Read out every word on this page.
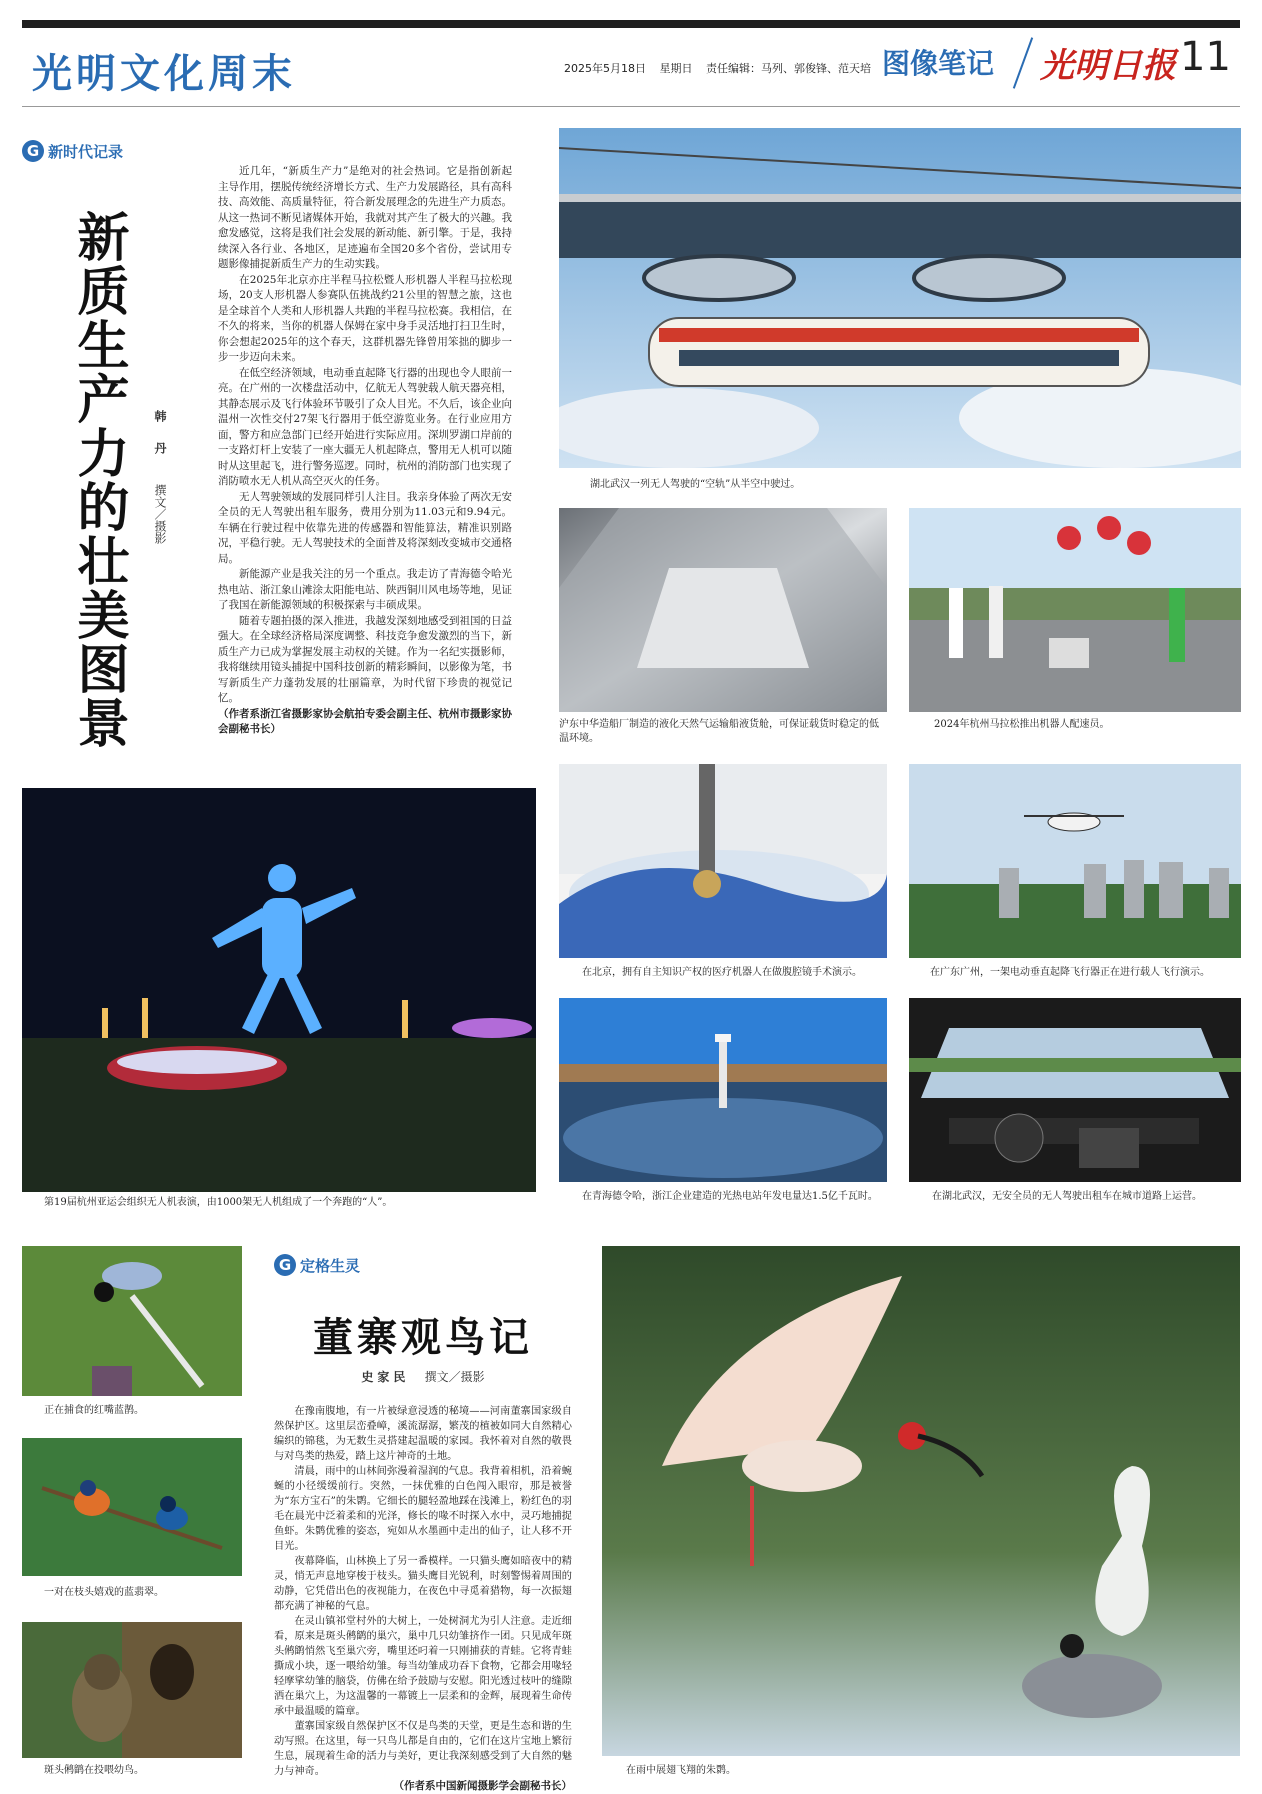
光明文化周末	2025年5月18日 星期日 责任编辑：马列、郭俊锋、范天培 图像笔记 光明日报 11
G 新时代记录
新质生产力的壮美图景 韩 丹  撰文／摄影

近几年，“新质生产力”是绝对的社会热词。它是指创新起主导作用，摆脱传统经济增长方式、生产力发展路径，具有高科技、高效能、高质量特征，符合新发展理念的先进生产力质态。从这一热词不断见诸媒体开始，我就对其产生了极大的兴趣。我愈发感觉，这将是我们社会发展的新动能、新引擎。于是，我持续深入各行业、各地区，足迹遍布全国20多个省份，尝试用专题影像捕捉新质生产力的生动实践。

在2025年北京亦庄半程马拉松暨人形机器人半程马拉松现场，20支人形机器人参赛队伍挑战约21公里的智慧之旅，这也是全球首个人类和人形机器人共跑的半程马拉松赛。我相信，在不久的将来，当你的机器人保姆在家中身手灵活地打扫卫生时，你会想起2025年的这个春天，这群机器先锋曾用笨拙的脚步一步一步迈向未来。

在低空经济领域，电动垂直起降飞行器的出现也令人眼前一亮。在广州的一次楼盘活动中，亿航无人驾驶载人航天器亮相，其静态展示及飞行体验环节吸引了众人目光。不久后，该企业向温州一次性交付27架飞行器用于低空游览业务。在行业应用方面，警方和应急部门已经开始进行实际应用。深圳罗湖口岸前的一支路灯杆上安装了一座大疆无人机起降点，警用无人机可以随时从这里起飞，进行警务巡逻。同时，杭州的消防部门也实现了消防喷水无人机从高空灭火的任务。

无人驾驶领域的发展同样引人注目。我亲身体验了两次无安全员的无人驾驶出租车服务，费用分别为11.03元和9.94元。车辆在行驶过程中依靠先进的传感器和智能算法，精准识别路况，平稳行驶。无人驾驶技术的全面普及将深刻改变城市交通格局。

新能源产业是我关注的另一个重点。我走访了青海德令哈光热电站、浙江象山滩涂太阳能电站、陕西铜川风电场等地，见证了我国在新能源领域的积极探索与丰硕成果。

随着专题拍摄的深入推进，我越发深刻地感受到祖国的日益强大。在全球经济格局深度调整、科技竞争愈发激烈的当下，新质生产力已成为掌握发展主动权的关键。作为一名纪实摄影师，我将继续用镜头捕捉中国科技创新的精彩瞬间，以影像为笔，书写新质生产力蓬勃发展的壮丽篇章，为时代留下珍贵的视觉记忆。

（作者系浙江省摄影家协会航拍专委会副主任、杭州市摄影家协会副秘书长）
湖北武汉一列无人驾驶的“空轨”从半空中驶过。
沪东中华造船厂制造的液化天然气运输船液货舱，可保证载货时稳定的低温环境。
2024年杭州马拉松推出机器人配速员。
第19届杭州亚运会组织无人机表演，由1000架无人机组成了一个奔跑的“人”。
在北京，拥有自主知识产权的医疗机器人在做腹腔镜手术演示。	在广东广州，一架电动垂直起降飞行器正在进行载人飞行演示。
在青海德令哈，浙江企业建造的光热电站年发电量达1.5亿千瓦时。	在湖北武汉，无安全员的无人驾驶出租车在城市道路上运营。
正在捕食的红嘴蓝鹊。
一对在枝头嬉戏的蓝翡翠。
斑头鸺鹠在投喂幼鸟。
G 定格生灵
董寨观鸟记
史家民 撰文／摄影

在豫南腹地，有一片被绿意浸透的秘境——河南董寨国家级自然保护区。这里层峦叠嶂，溪流潺潺，繁茂的植被如同大自然精心编织的锦毯，为无数生灵搭建起温暖的家园。我怀着对自然的敬畏与对鸟类的热爱，踏上这片神奇的土地。

清晨，雨中的山林间弥漫着湿润的气息。我背着相机，沿着蜿蜒的小径缓缓前行。突然，一抹优雅的白色闯入眼帘，那是被誉为“东方宝石”的朱鹮。它细长的腿轻盈地踩在浅滩上，粉红色的羽毛在晨光中泛着柔和的光泽，修长的喙不时探入水中，灵巧地捕捉鱼虾。朱鹮优雅的姿态，宛如从水墨画中走出的仙子，让人移不开目光。

夜幕降临，山林换上了另一番模样。一只猫头鹰如暗夜中的精灵，悄无声息地穿梭于枝头。猫头鹰目光锐利，时刻警惕着周围的动静，它凭借出色的夜视能力，在夜色中寻觅着猎物，每一次振翅都充满了神秘的气息。

在灵山镇祁堂村外的大树上，一处树洞尤为引人注意。走近细看，原来是斑头鸺鹠的巢穴，巢中几只幼雏挤作一团。只见成年斑头鸺鹠悄然飞至巢穴旁，嘴里还叼着一只刚捕获的青蛙。它将青蛙撕成小块，逐一喂给幼雏。每当幼雏成功吞下食物，它都会用喙轻轻摩挲幼雏的脑袋，仿佛在给予鼓励与安慰。阳光透过枝叶的缝隙洒在巢穴上，为这温馨的一幕镀上一层柔和的金辉，展现着生命传承中最温暖的篇章。

董寨国家级自然保护区不仅是鸟类的天堂，更是生态和谐的生动写照。在这里，每一只鸟儿都是自由的，它们在这片宝地上繁衍生息，展现着生命的活力与美好，更让我深刻感受到了大自然的魅力与神奇。

（作者系中国新闻摄影学会副秘书长）
在雨中展翅飞翔的朱鹮。
